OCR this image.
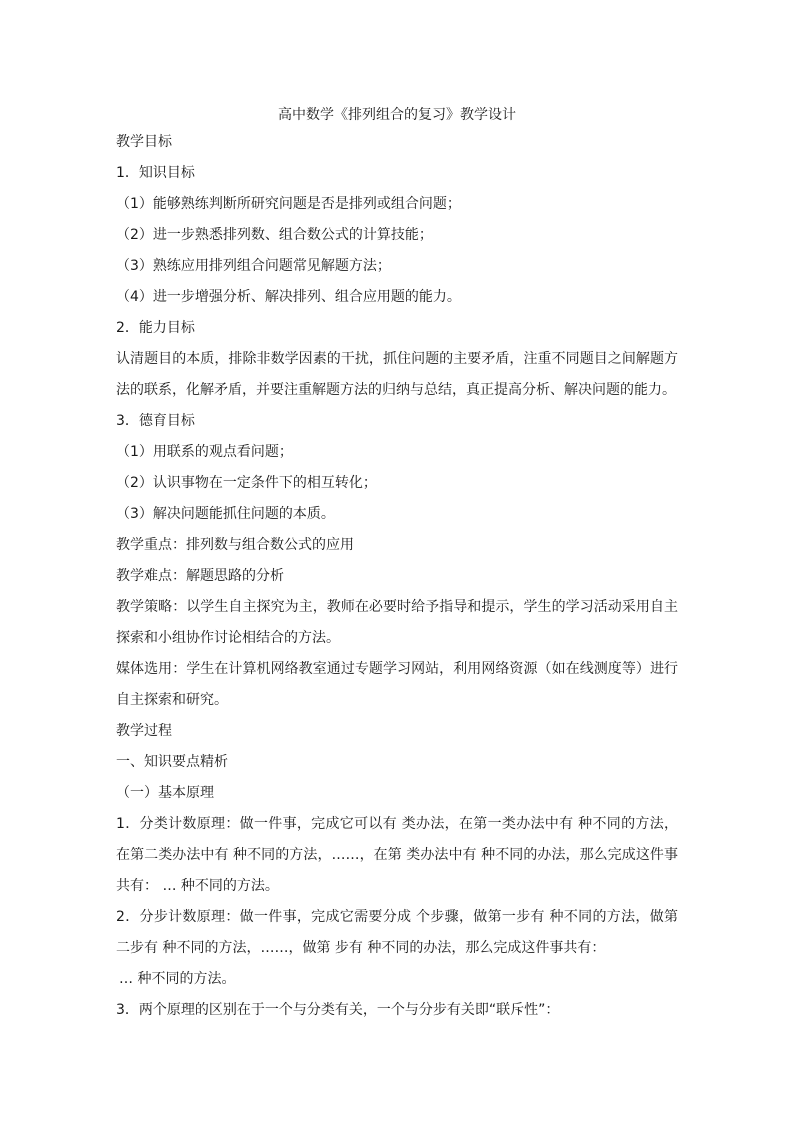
高中数学《排列组合的复习》教学设计

教学目标

1．知识目标

（1）能够熟练判断所研究问题是否是排列或组合问题；

（2）进一步熟悉排列数、组合数公式的计算技能；

（3）熟练应用排列组合问题常见解题方法；

（4）进一步增强分析、解决排列、组合应用题的能力。

2．能力目标

认清题目的本质，排除非数学因素的干扰，抓住问题的主要矛盾，注重不同题目之间解题方法的联系，化解矛盾，并要注重解题方法的归纳与总结，真正提高分析、解决问题的能力。

3．德育目标

（1）用联系的观点看问题；

（2）认识事物在一定条件下的相互转化；

（3）解决问题能抓住问题的本质。

教学重点：排列数与组合数公式的应用

教学难点：解题思路的分析

教学策略：以学生自主探究为主，教师在必要时给予指导和提示，学生的学习活动采用自主探索和小组协作讨论相结合的方法。

媒体选用：学生在计算机网络教室通过专题学习网站，利用网络资源（如在线测度等）进行自主探索和研究。

教学过程

一、知识要点精析

（一）基本原理

1．分类计数原理：做一件事，完成它可以有 类办法，在第一类办法中有 种不同的方法，在第二类办法中有 种不同的方法，……，在第 类办法中有 种不同的办法，那么完成这件事共有： … 种不同的方法。

2．分步计数原理：做一件事，完成它需要分成 个步骤，做第一步有 种不同的方法，做第二步有 种不同的方法，……，做第 步有 种不同的办法，那么完成这件事共有：

… 种不同的方法。

3．两个原理的区别在于一个与分类有关，一个与分步有关即“联斥性”：
